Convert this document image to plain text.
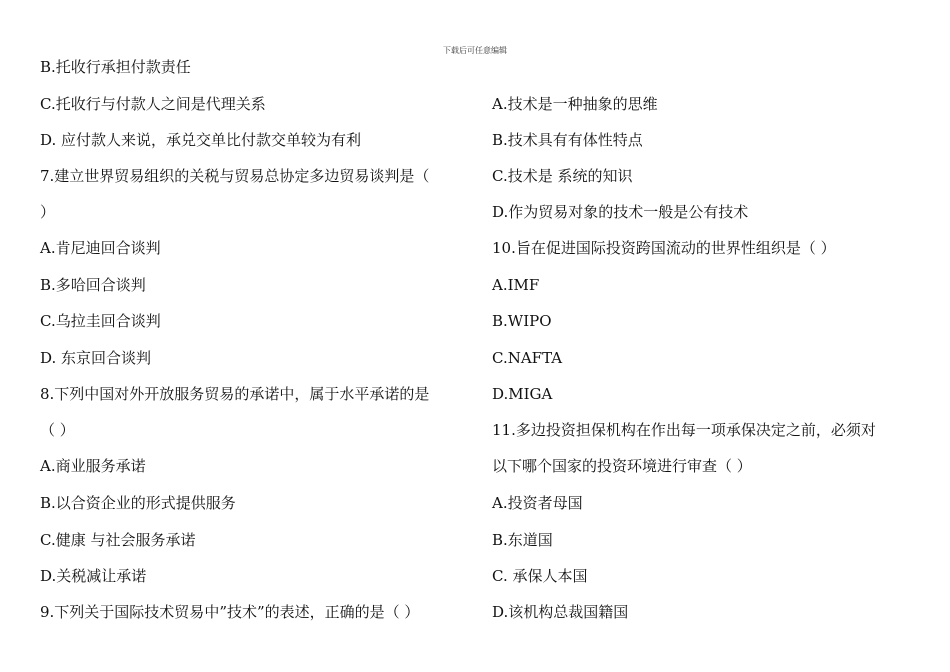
下载后可任意编辑
B.托收行承担付款责任
C.托收行与付款人之间是代理关系
D. 应付款人来说，承兑交单比付款交单较为有利
7.建立世界贸易组织的关税与贸易总协定多边贸易谈判是（
）
A.肯尼迪回合谈判
B.多哈回合谈判
C.乌拉圭回合谈判
D. 东京回合谈判
8.下列中国对外开放服务贸易的承诺中，属于水平承诺的是
（ ）
A.商业服务承诺
B.以合资企业的形式提供服务
C.健康 与社会服务承诺
D.关税减让承诺
9.下列关于国际技术贸易中”技术”的表述，正确的是（ ）
A.技术是一种抽象的思维
B.技术具有有体性特点
C.技术是 系统的知识
D.作为贸易对象的技术一般是公有技术
10.旨在促进国际投资跨国流动的世界性组织是（ ）
A.IMF
B.WIPO
C.NAFTA
D.MIGA
11.多边投资担保机构在作出每一项承保决定之前，必须对
以下哪个国家的投资环境进行审查（ ）
A.投资者母国
B.东道国
C. 承保人本国
D.该机构总裁国籍国
